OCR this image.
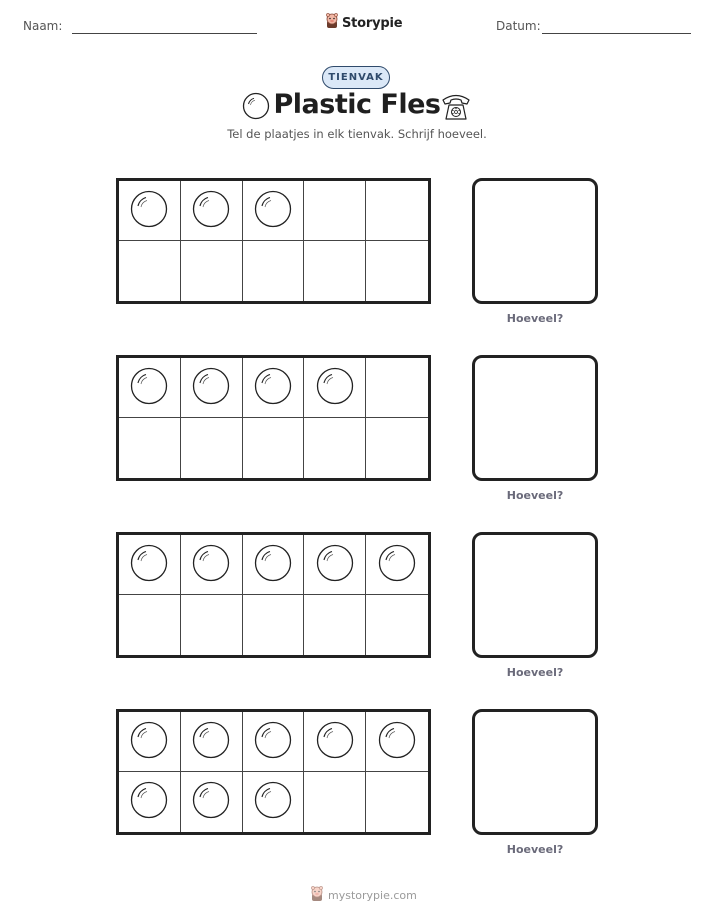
Naam:	Storypie	Datum:
TIENVAK
Plastic Fles
Tel de plaatjes in elk tienvak. Schrijf hoeveel.
Hoeveel?
Hoeveel?
Hoeveel?
Hoeveel?
mystorypie.com
